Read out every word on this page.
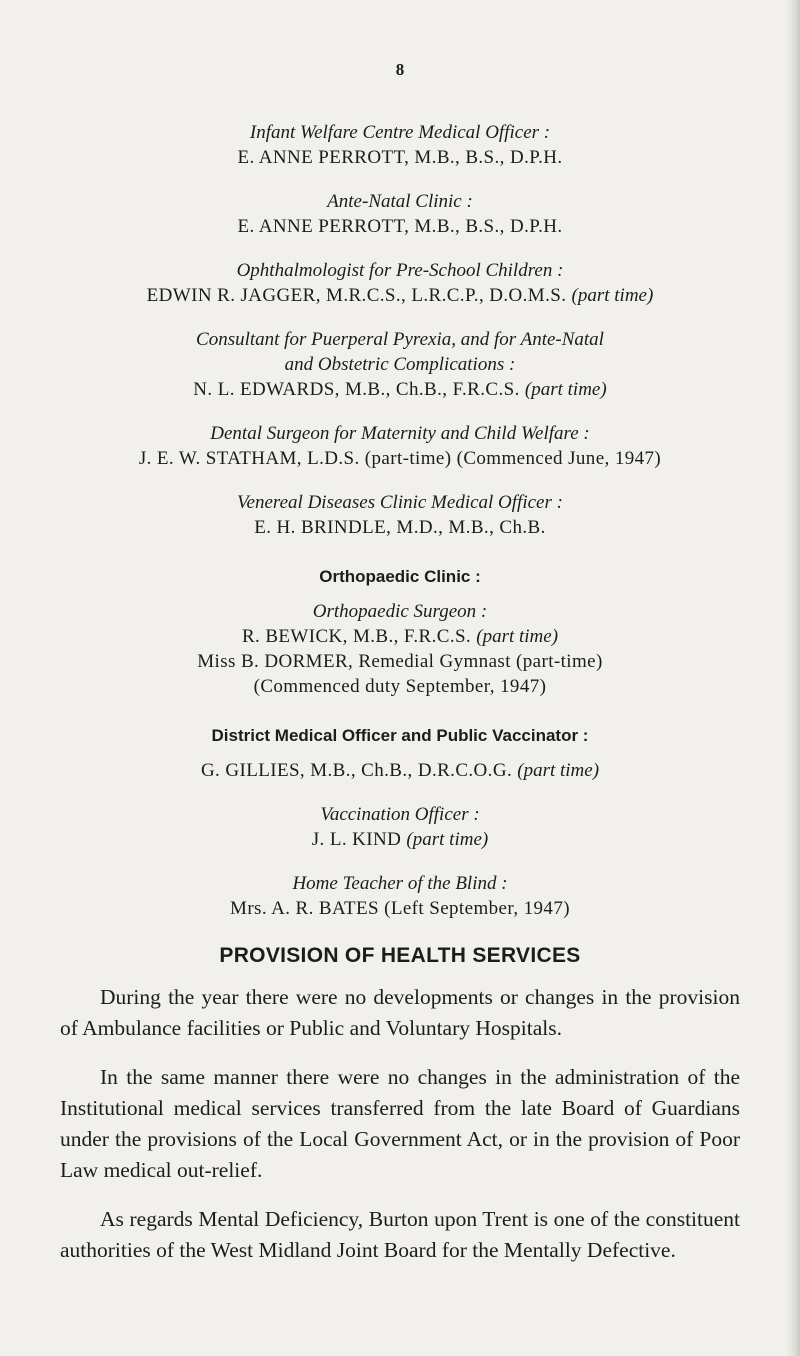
8
Infant Welfare Centre Medical Officer :
E. ANNE PERROTT, M.B., B.S., D.P.H.
Ante-Natal Clinic :
E. ANNE PERROTT, M.B., B.S., D.P.H.
Ophthalmologist for Pre-School Children :
EDWIN R. JAGGER, M.R.C.S., L.R.C.P., D.O.M.S. (part time)
Consultant for Puerperal Pyrexia, and for Ante-Natal
and Obstetric Complications :
N. L. EDWARDS, M.B., Ch.B., F.R.C.S. (part time)
Dental Surgeon for Maternity and Child Welfare :
J. E. W. STATHAM, L.D.S. (part-time) (Commenced June, 1947)
Venereal Diseases Clinic Medical Officer :
E. H. BRINDLE, M.D., M.B., Ch.B.
Orthopaedic Clinic :
Orthopaedic Surgeon :
R. BEWICK, M.B., F.R.C.S. (part time)
Miss B. DORMER, Remedial Gymnast (part-time)
(Commenced duty September, 1947)
District Medical Officer and Public Vaccinator :
G. GILLIES, M.B., Ch.B., D.R.C.O.G. (part time)
Vaccination Officer :
J. L. KIND (part time)
Home Teacher of the Blind :
Mrs. A. R. BATES (Left September, 1947)
PROVISION OF HEALTH SERVICES

During the year there were no developments or changes in the provision of Ambulance facilities or Public and Voluntary Hospitals.

In the same manner there were no changes in the administration of the Institutional medical services transferred from the late Board of Guardians under the provisions of the Local Government Act, or in the provision of Poor Law medical out-relief.

As regards Mental Deficiency, Burton upon Trent is one of the constituent authorities of the West Midland Joint Board for the Mentally Defective.
